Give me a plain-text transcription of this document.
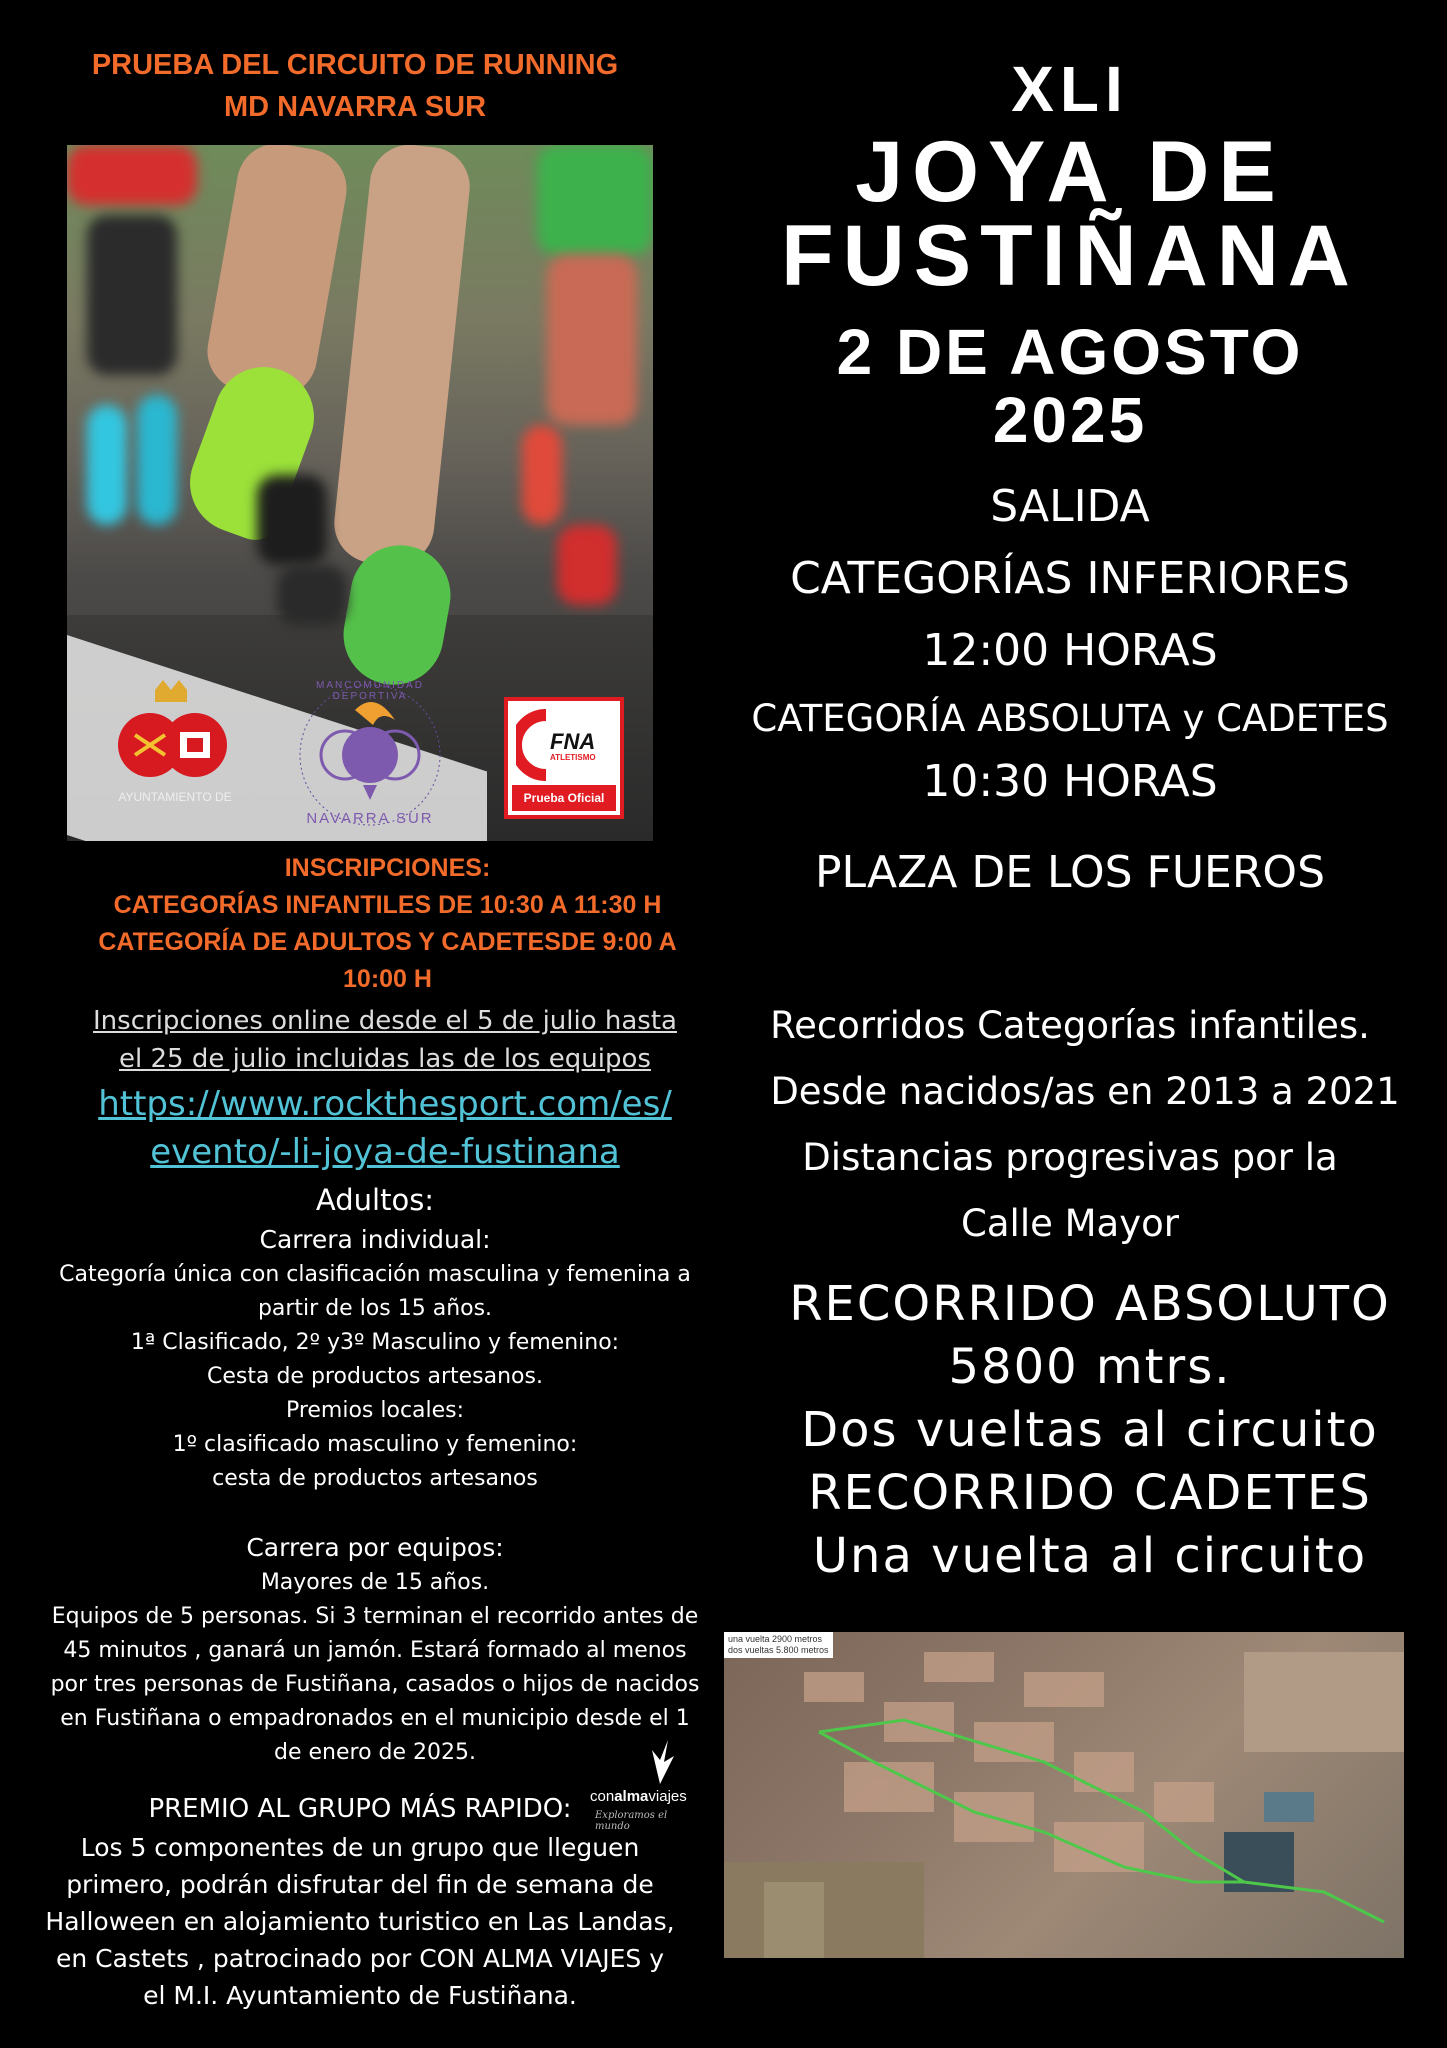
PRUEBA DEL CIRCUITO DE RUNNING
MD NAVARRA SUR
AYUNTAMIENTO DE
Fustiñana
MANCOMUNIDAD DEPORTIVA
NAVARRA SUR
FNA
ATLETISMO
Prueba Oficial
INSCRIPCIONES:
CATEGORÍAS INFANTILES DE 10:30 A 11:30 H
CATEGORÍA DE ADULTOS Y CADETESDE 9:00 A
10:00 H
Inscripciones online desde el 5 de julio hasta
el 25 de julio incluidas las de los equipos
https://www.rockthesport.com/es/
evento/-li-joya-de-fustinana
Adultos:
Carrera individual:
Categoría única con clasificación masculina y femenina a
partir de los 15 años.
1ª Clasificado, 2º y3º Masculino y femenino:
Cesta de productos artesanos.
Premios locales:
1º clasificado masculino y femenino:
cesta de productos artesanos
Carrera por equipos:
Mayores de 15 años.
Equipos de 5 personas. Si 3 terminan el recorrido antes de
45 minutos , ganará un jamón. Estará formado al menos
por tres personas de Fustiñana, casados o hijos de nacidos
en Fustiñana o empadronados en el municipio desde el 1
de enero de 2025.
conalmaviajes
Exploramos el mundo
PREMIO AL GRUPO MÁS RAPIDO:
Los 5 componentes de un grupo que lleguen
primero, podrán disfrutar del fin de semana de
Halloween en alojamiento turistico en Las Landas,
en Castets , patrocinado por CON ALMA VIAJES y
el M.I. Ayuntamiento de Fustiñana.
XLI
JOYA DE
FUSTIÑANA
2 DE AGOSTO
2025
SALIDA
CATEGORÍAS INFERIORES
12:00 HORAS
CATEGORÍA ABSOLUTA y CADETES
10:30 HORAS
PLAZA DE LOS FUEROS
Recorridos Categorías infantiles.
Desde nacidos/as en 2013 a 2021
Distancias progresivas por la
Calle Mayor
RECORRIDO ABSOLUTO
5800 mtrs.
Dos vueltas al circuito
RECORRIDO CADETES
Una vuelta al circuito
una vuelta 2900 metros
dos vueltas 5.800 metros
